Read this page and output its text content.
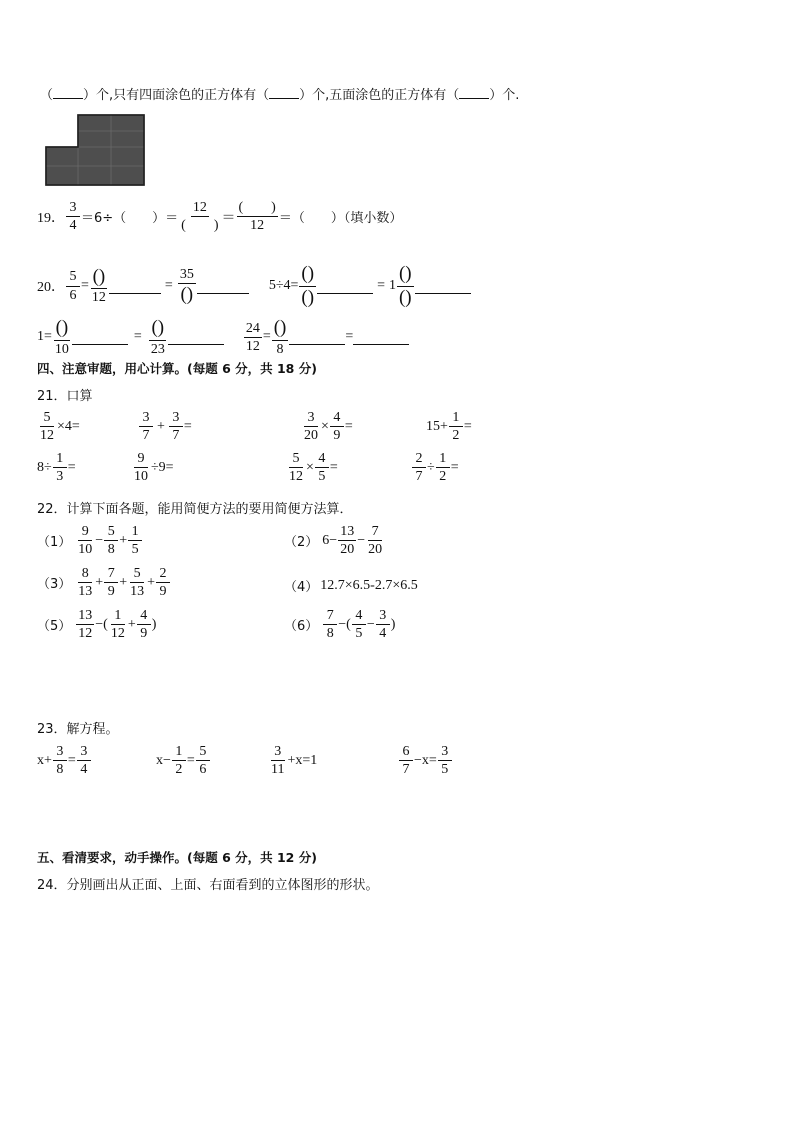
（ ）个,只有四面涂色的正方体有（ ）个,五面涂色的正方体有（ ）个.
19． $\frac{3}{4} =6\div$（　　）＝ $\frac{12}{( )} = \frac{( )}{12}$ ＝（　　）（填小数）
20． $\frac{5}{6} = \frac{()}{12}$	= $\frac{35}{()}$	$5\div 4= \frac{()}{()}$	= $1 \frac{()}{()}$
$1= \frac{()}{10}$	= $\frac{()}{23}$	$\frac{24}{12} = \frac{()}{8}$	=
四、注意审题，用心计算。(每题 6 分，共 18 分)
21．口算
$\frac{5}{12} \times 4=$	$\frac{3}{7} + \frac{3}{7}$ =	$\frac{3}{20} \times \frac{4}{9}$ =	$15+ \frac{1}{2}$ =
$8\div \frac{1}{3}$ =	$\frac{9}{10} \div 9=$	$\frac{5}{12} \times \frac{4}{5}$ =	$\frac{2}{7} \div \frac{1}{2}$ =
22．计算下面各题，能用简便方法的要用简便方法算．
$(1) \frac{9}{10} - \frac{5}{8} + \frac{1}{5}$	（2） $6- \frac{13}{20} - \frac{7}{20}$
$(3) \frac{8}{13} + \frac{7}{9} + \frac{5}{13} + \frac{2}{9}$	（4） 12.7×6.5-2.7×6.5
$(5) \frac{13}{12}$ −( $\frac{1}{12} + \frac{4}{9}$ )	$(6) \frac{7}{8}$ −( $\frac{4}{5} - \frac{3}{4}$ )
23．解方程。
$x+ \frac{3}{8} = \frac{3}{4}$	$x- \frac{1}{2} = \frac{5}{6}$	$\frac{3}{11} +x=1$	$\frac{6}{7} -x= \frac{3}{5}$
五、看清要求，动手操作。(每题 6 分，共 12 分)
24．分别画出从正面、上面、右面看到的立体图形的形状。
